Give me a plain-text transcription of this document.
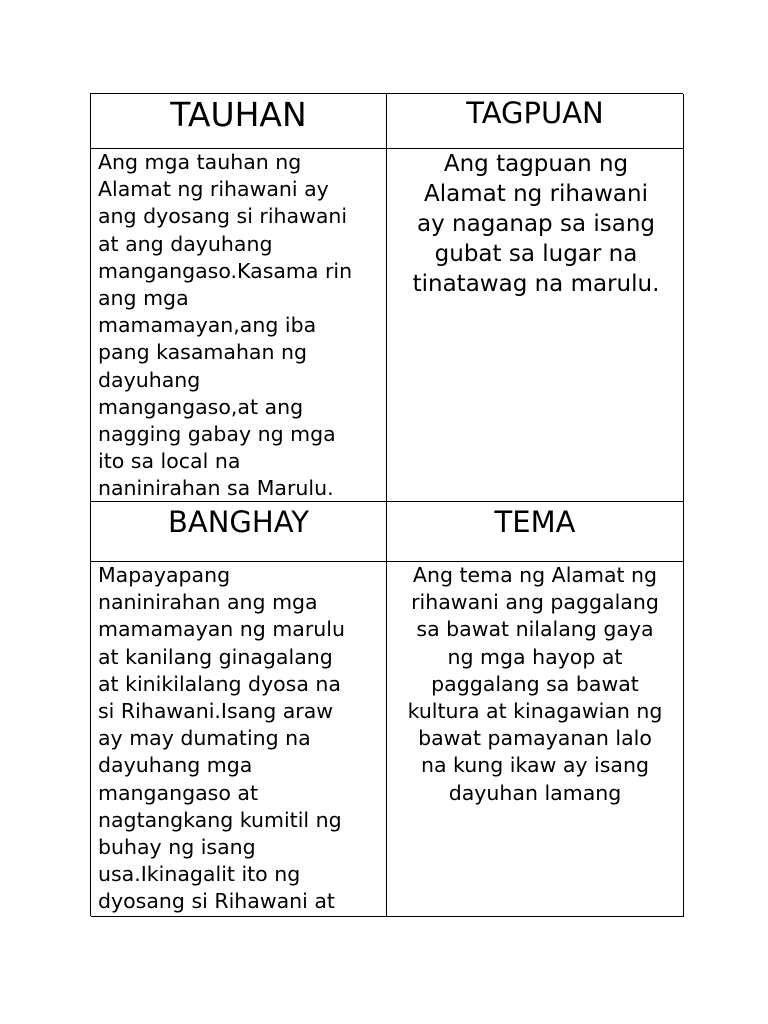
TAUHAN	TAGPUAN
Ang mga tauhan ng
Alamat ng rihawani ay
ang dyosang si rihawani
at ang dayuhang
mangangaso.Kasama rin
ang mga
mamamayan,ang iba
pang kasamahan ng
dayuhang
mangangaso,at ang
nagging gabay ng mga
ito sa local na
naninirahan sa Marulu.
Ang tagpuan ng
Alamat ng rihawani
ay naganap sa isang
gubat sa lugar na
tinatawag na marulu.
BANGHAY	TEMA
Mapayapang
naninirahan ang mga
mamamayan ng marulu
at kanilang ginagalang
at kinikilalang dyosa na
si Rihawani.Isang araw
ay may dumating na
dayuhang mga
mangangaso at
nagtangkang kumitil ng
buhay ng isang
usa.Ikinagalit ito ng
dyosang si Rihawani at
Ang tema ng Alamat ng
rihawani ang paggalang
sa bawat nilalang gaya
ng mga hayop at
paggalang sa bawat
kultura at kinagawian ng
bawat pamayanan lalo
na kung ikaw ay isang
dayuhan lamang
